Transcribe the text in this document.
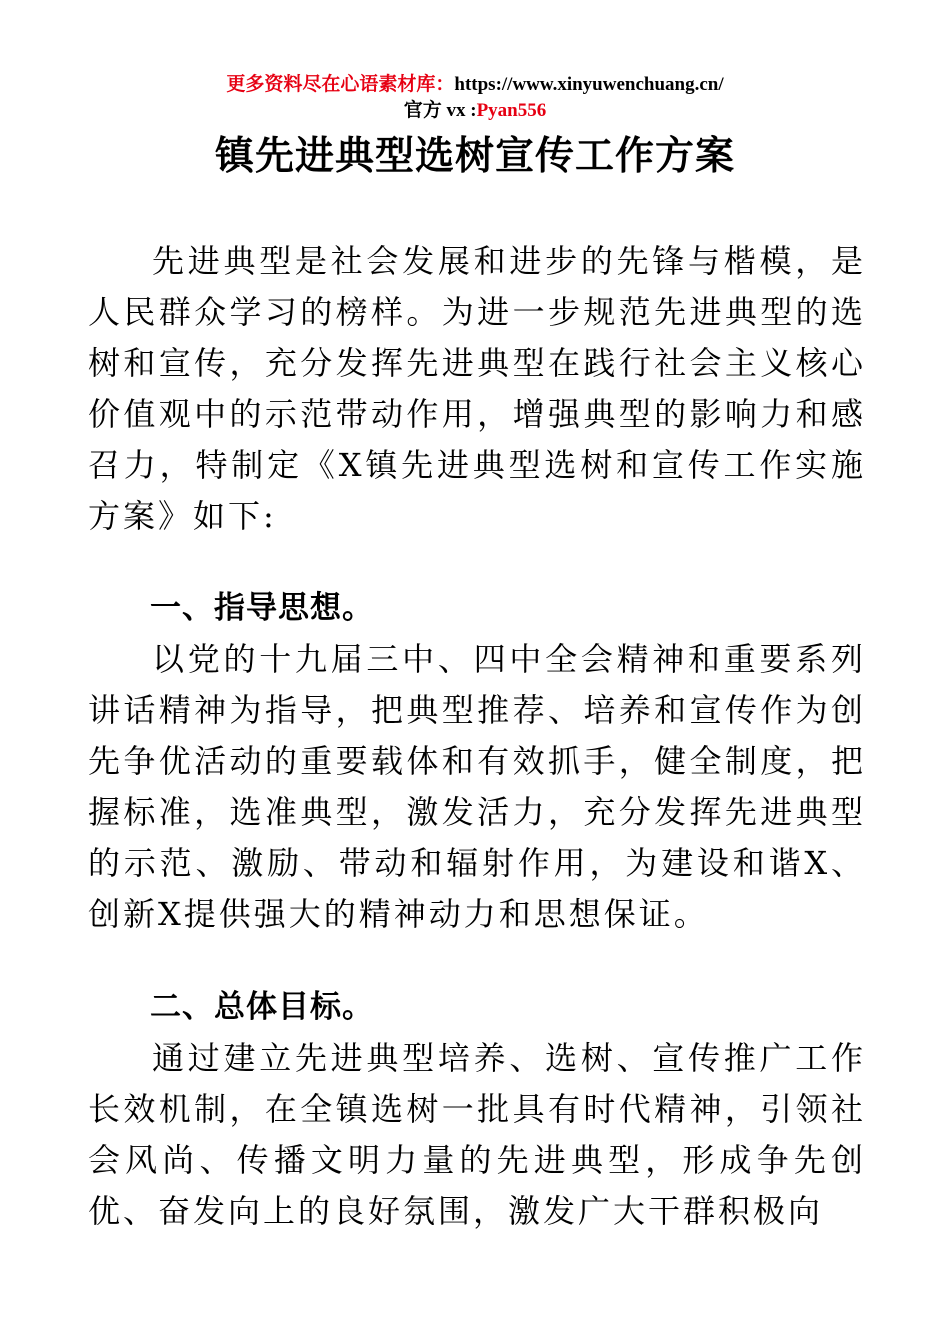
更多资料尽在心语素材库：https://www.xinyuwenchuang.cn/
官方 vx :Pyan556
镇先进典型选树宣传工作方案

先进典型是社会发展和进步的先锋与楷模，是人民群众学习的榜样。为进一步规范先进典型的选树和宣传，充分发挥先进典型在践行社会主义核心价值观中的示范带动作用，增强典型的影响力和感召力，特制定《X镇先进典型选树和宣传工作实施方案》如下:

一、指导思想。

以党的十九届三中、四中全会精神和重要系列讲话精神为指导，把典型推荐、培养和宣传作为创先争优活动的重要载体和有效抓手，健全制度，把握标准，选准典型，激发活力，充分发挥先进典型的示范、激励、带动和辐射作用，为建设和谐X、创新X提供强大的精神动力和思想保证。

二、总体目标。

通过建立先进典型培养、选树、宣传推广工作长效机制，在全镇选树一批具有时代精神，引领社会风尚、传播文明力量的先进典型，形成争先创优、奋发向上的良好氛围，激发广大干群积极向
